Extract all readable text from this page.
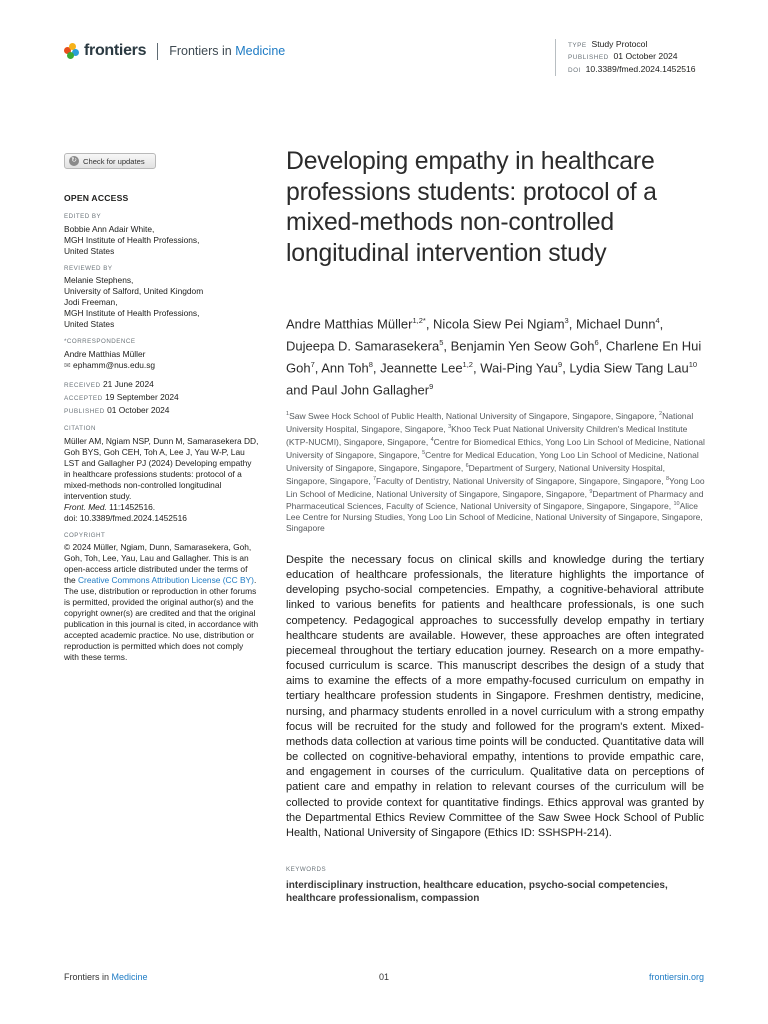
frontiers Frontiers in Medicine	TYPE Study Protocol
PUBLISHED 01 October 2024
DOI 10.3389/fmed.2024.1452516
↻ Check for updates
OPEN ACCESS
EDITED BY
Bobbie Ann Adair White,
MGH Institute of Health Professions,
United States
REVIEWED BY
Melanie Stephens,
University of Salford, United Kingdom
Jodi Freeman,
MGH Institute of Health Professions,
United States
*CORRESPONDENCE
Andre Matthias Müller
✉ ephamm@nus.edu.sg
RECEIVED 21 June 2024
ACCEPTED 19 September 2024
PUBLISHED 01 October 2024
CITATION
Müller AM, Ngiam NSP, Dunn M, Samarasekera DD, Goh BYS, Goh CEH, Toh A, Lee J, Yau W-P, Lau LST and Gallagher PJ (2024) Developing empathy in healthcare professions students: protocol of a mixed-methods non-controlled longitudinal intervention study.
Front. Med. 11:1452516.
doi: 10.3389/fmed.2024.1452516
COPYRIGHT
© 2024 Müller, Ngiam, Dunn, Samarasekera, Goh, Goh, Toh, Lee, Yau, Lau and Gallagher. This is an open-access article distributed under the terms of the Creative Commons Attribution License (CC BY). The use, distribution or reproduction in other forums is permitted, provided the original author(s) and the copyright owner(s) are credited and that the original publication in this journal is cited, in accordance with accepted academic practice. No use, distribution or reproduction is permitted which does not comply with these terms.
Developing empathy in healthcare professions students: protocol of a mixed-methods non-controlled longitudinal intervention study
Andre Matthias Müller$^{1,2*}$, Nicola Siew Pei Ngiam$^3$, Michael Dunn$^4$, Dujeepa D. Samarasekera$^5$, Benjamin Yen Seow Goh$^6$, Charlene En Hui Goh$^7$, Ann Toh$^8$, Jeannette Lee$^{1,2}$, Wai-Ping Yau$^9$, Lydia Siew Tang Lau$^{10}$ and Paul John Gallagher$^9$
$^1$Saw Swee Hock School of Public Health, National University of Singapore, Singapore, Singapore, $^2$National University Hospital, Singapore, Singapore, $^3$Khoo Teck Puat National University Children's Medical Institute (KTP-NUCMI), Singapore, Singapore, $^4$Centre for Biomedical Ethics, Yong Loo Lin School of Medicine, National University of Singapore, Singapore, $^5$Centre for Medical Education, Yong Loo Lin School of Medicine, National University of Singapore, Singapore, Singapore, $^6$Department of Surgery, National University Hospital, Singapore, Singapore, $^7$Faculty of Dentistry, National University of Singapore, Singapore, Singapore, $^8$Yong Loo Lin School of Medicine, National University of Singapore, Singapore, Singapore, $^9$Department of Pharmacy and Pharmaceutical Sciences, Faculty of Science, National University of Singapore, Singapore, Singapore, $^{10}$Alice Lee Centre for Nursing Studies, Yong Loo Lin School of Medicine, National University of Singapore, Singapore, Singapore

Despite the necessary focus on clinical skills and knowledge during the tertiary education of healthcare professionals, the literature highlights the importance of developing psycho-social competencies. Empathy, a cognitive-behavioral attribute linked to various benefits for patients and healthcare professionals, is one such competency. Pedagogical approaches to successfully develop empathy in tertiary healthcare students are available. However, these approaches are often integrated piecemeal throughout the tertiary education journey. Research on a more empathy-focused curriculum is scarce. This manuscript describes the design of a study that aims to examine the effects of a more empathy-focused curriculum on empathy in tertiary healthcare profession students in Singapore. Freshmen dentistry, medicine, nursing, and pharmacy students enrolled in a novel curriculum with a strong empathy focus will be recruited for the study and followed for the program's extent. Mixed-methods data collection at various time points will be conducted. Quantitative data will be collected on cognitive-behavioral empathy, intentions to provide empathic care, and engagement in courses of the curriculum. Qualitative data on perceptions of patient care and empathy in relation to relevant courses of the curriculum will be collected to provide context for quantitative findings. Ethics approval was granted by the Departmental Ethics Review Committee of the Saw Swee Hock School of Public Health, National University of Singapore (Ethics ID: SSHSPH-214).

KEYWORDS
interdisciplinary instruction, healthcare education, psycho-social competencies, healthcare professionalism, compassion
Frontiers in Medicine	01	frontiersin.org
